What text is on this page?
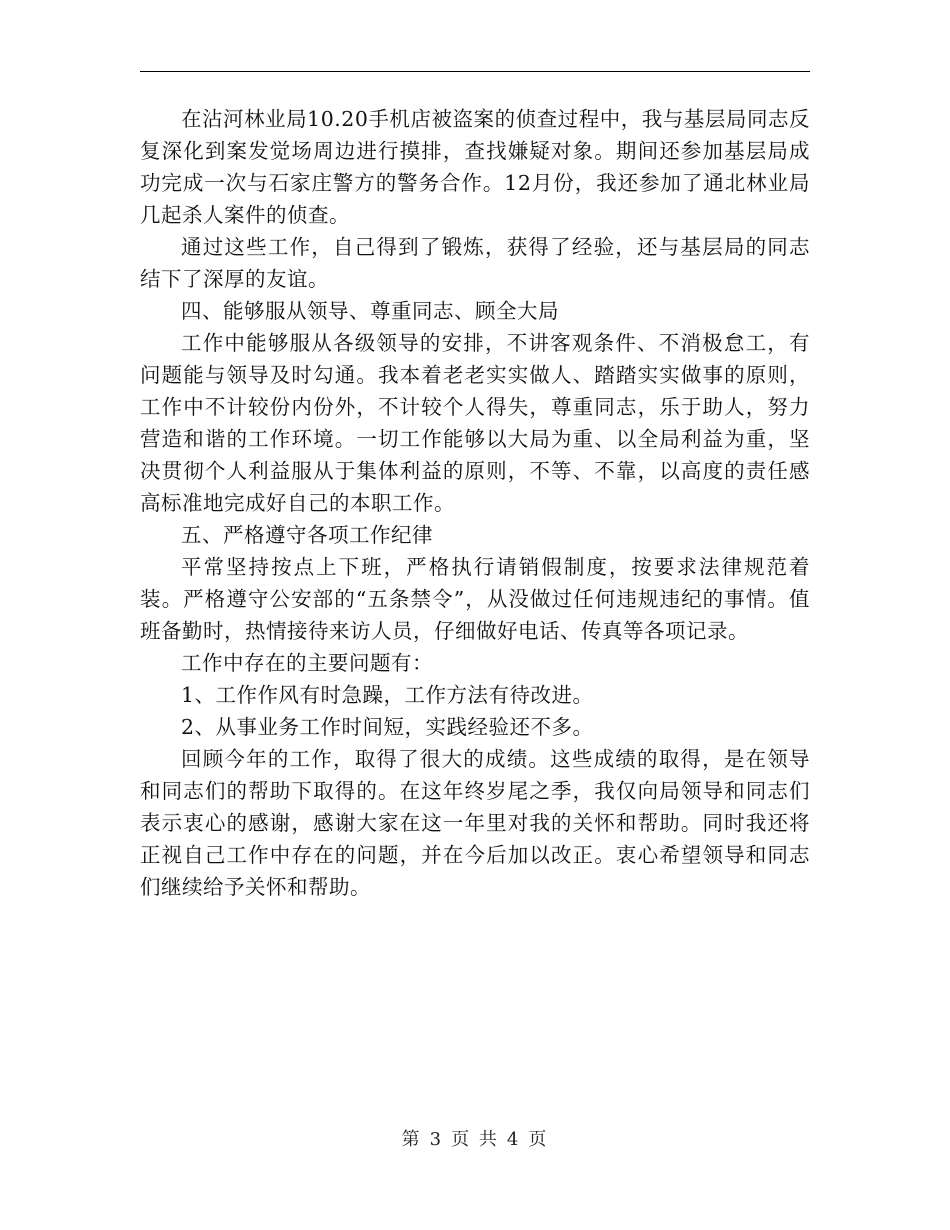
在沾河林业局10.20手机店被盗案的侦查过程中，我与基层局同志反复深化到案发觉场周边进行摸排，查找嫌疑对象。期间还参加基层局成功完成一次与石家庄警方的警务合作。12月份，我还参加了通北林业局几起杀人案件的侦查。

通过这些工作，自己得到了锻炼，获得了经验，还与基层局的同志结下了深厚的友谊。

四、能够服从领导、尊重同志、顾全大局

工作中能够服从各级领导的安排，不讲客观条件、不消极怠工，有问题能与领导及时勾通。我本着老老实实做人、踏踏实实做事的原则，工作中不计较份内份外，不计较个人得失，尊重同志，乐于助人，努力营造和谐的工作环境。一切工作能够以大局为重、以全局利益为重，坚决贯彻个人利益服从于集体利益的原则，不等、不靠，以高度的责任感高标准地完成好自己的本职工作。

五、严格遵守各项工作纪律

平常坚持按点上下班，严格执行请销假制度，按要求法律规范着装。严格遵守公安部的“五条禁令”，从没做过任何违规违纪的事情。值班备勤时，热情接待来访人员，仔细做好电话、传真等各项记录。

工作中存在的主要问题有：

1、工作作风有时急躁，工作方法有待改进。

2、从事业务工作时间短，实践经验还不多。

回顾今年的工作，取得了很大的成绩。这些成绩的取得，是在领导和同志们的帮助下取得的。在这年终岁尾之季，我仅向局领导和同志们表示衷心的感谢，感谢大家在这一年里对我的关怀和帮助。同时我还将正视自己工作中存在的问题，并在今后加以改正。衷心希望领导和同志们继续给予关怀和帮助。

第 3 页 共 4 页
